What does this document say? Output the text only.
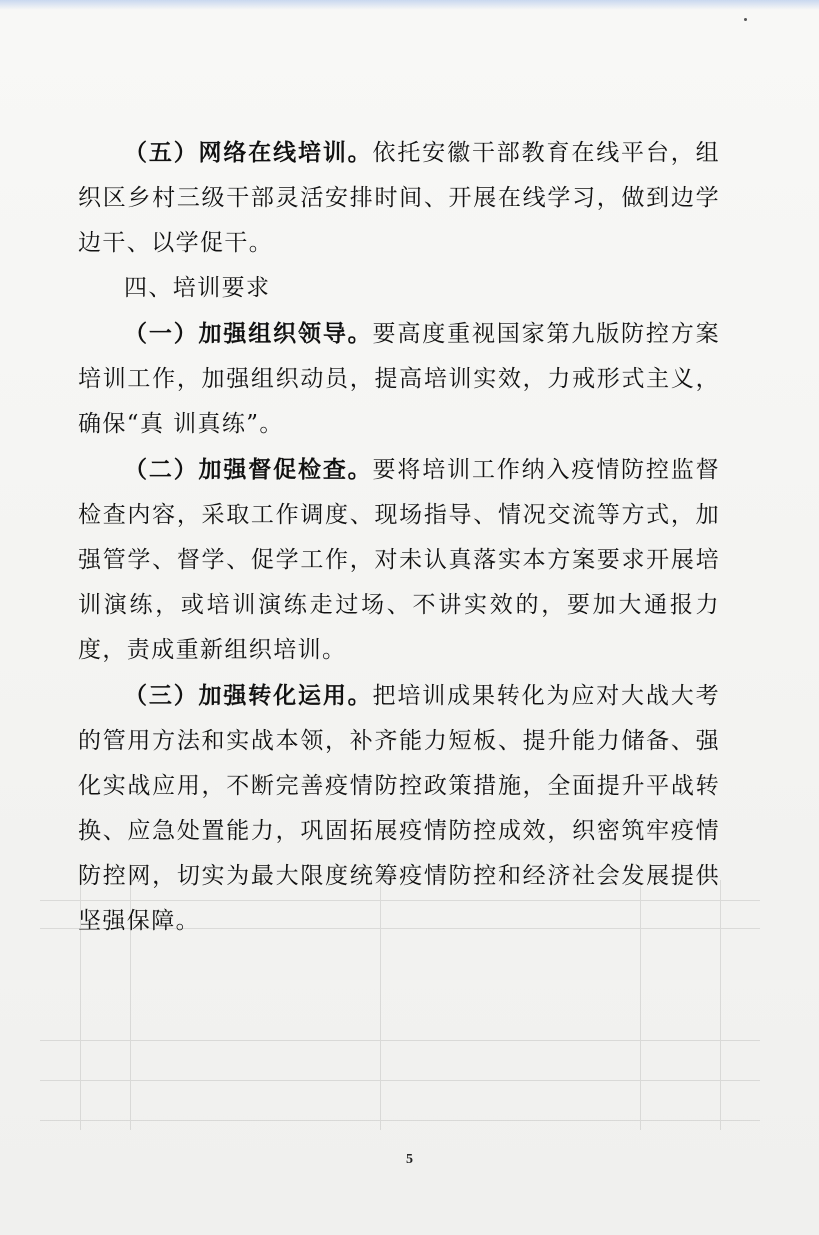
（五）网络在线培训。依托安徽干部教育在线平台，组织区乡村三级干部灵活安排时间、开展在线学习，做到边学边干、以学促干。

四、培训要求

（一）加强组织领导。要高度重视国家第九版防控方案培训工作，加强组织动员，提高培训实效，力戒形式主义，确保“真 训真练”。

（二）加强督促检查。要将培训工作纳入疫情防控监督检查内容，采取工作调度、现场指导、情况交流等方式，加强管学、督学、促学工作，对未认真落实本方案要求开展培训演练，或培训演练走过场、不讲实效的，要加大通报力度，责成重新组织培训。

（三）加强转化运用。把培训成果转化为应对大战大考的管用方法和实战本领，补齐能力短板、提升能力储备、强化实战应用，不断完善疫情防控政策措施，全面提升平战转换、应急处置能力，巩固拓展疫情防控成效，织密筑牢疫情防控网，切实为最大限度统筹疫情防控和经济社会发展提供坚强保障。

5
